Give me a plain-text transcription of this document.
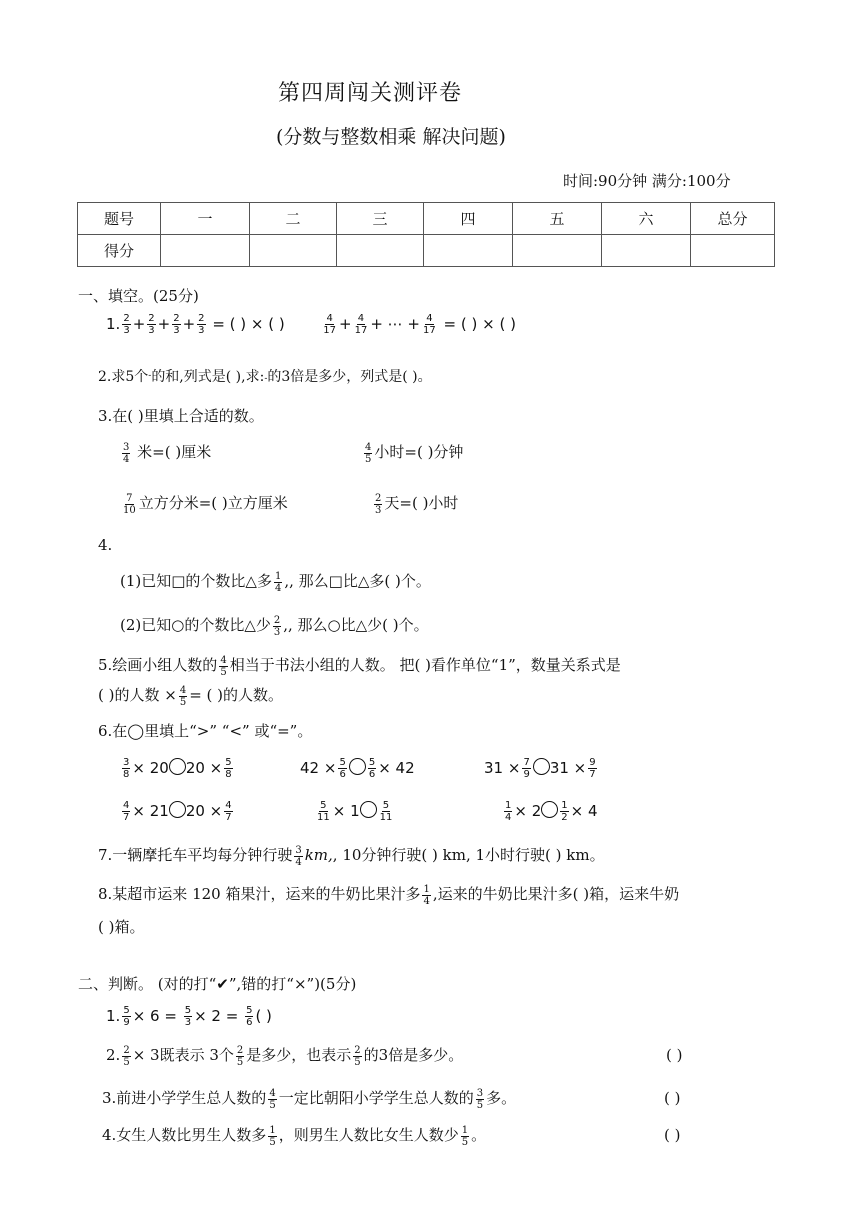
第四周闯关测评卷
(分数与整数相乘 解决问题)
时间:90分钟 满分:100分
题号	一	二	三	四	五	六	总分
得分							
一、填空。(25分)
1. $\frac{2}{3} + \frac{2}{3} + \frac{2}{3} + \frac{2}{3}$ = ( ) × ( )	$\frac{4}{17} + \frac{4}{17}$ + ⋯ + $\frac{4}{17}$ = ( ) × ( )
2.求5个-的和,列式是( ),求:-的3倍是多少，列式是( )。
3.在( )里填上合适的数。
$\frac{3}{4}$ 米=( )厘米	$\frac{4}{5}$ 小时=( )分钟
$\frac{7}{10}$ 立方分米=( )立方厘米	$\frac{2}{3}$ 天=( )小时
4.
(1)已知□的个数比△多 $\frac{1}{4}$ ,, 那么□比△多( )个。
(2)已知○的个数比△少 $\frac{2}{3}$ ,, 那么○比△少( )个。
5.绘画小组人数的 $\frac{4}{5}$ 相当于书法小组的人数。 把( )看作单位“1”，数量关系式是
( )的人数 × $\frac{4}{5}$ = ( )的人数。
6.在◯里填上“>” “<” 或“=”。
$\frac{3}{8} \times 20$ $20 \times \frac{5}{8}$	$42 \times \frac{5}{6} \frac{5}{6} \times 42$	$31 \times \frac{7}{9} 31 \times \frac{9}{7}$
$\frac{4}{7} \times 21$ $20 \times \frac{4}{7}$	$\frac{5}{11} \times 1 \frac{5}{11}$	$\frac{1}{4} \times 2 \frac{1}{2} \times 4$
7.一辆摩托车平均每分钟行驶 $\frac{3}{4}$ km,, 10分钟行驶( ) km, 1小时行驶( ) km。
8.某超市运来 120 箱果汁，运来的牛奶比果汁多 $\frac{1}{4}$ ,运来的牛奶比果汁多( )箱，运来牛奶
( )箱。
二、判断。 (对的打“✔”,错的打“×”)(5分)
1. $\frac{5}{9} \times 6 = \frac{5}{3} \times 2 = \frac{5}{6}$ ( )
2. $\frac{2}{5} \times 3$既表示 3个 $\frac{2}{5}$ 是多少，也表示 $\frac{2}{5}$ 的3倍是多少。	( )
3.前进小学学生总人数的 $\frac{4}{5}$ 一定比朝阳小学学生总人数的 $\frac{3}{5}$ 多。	( )
4.女生人数比男生人数多 $\frac{1}{5}$ ，则男生人数比女生人数少 $\frac{1}{5}$ 。	( )
